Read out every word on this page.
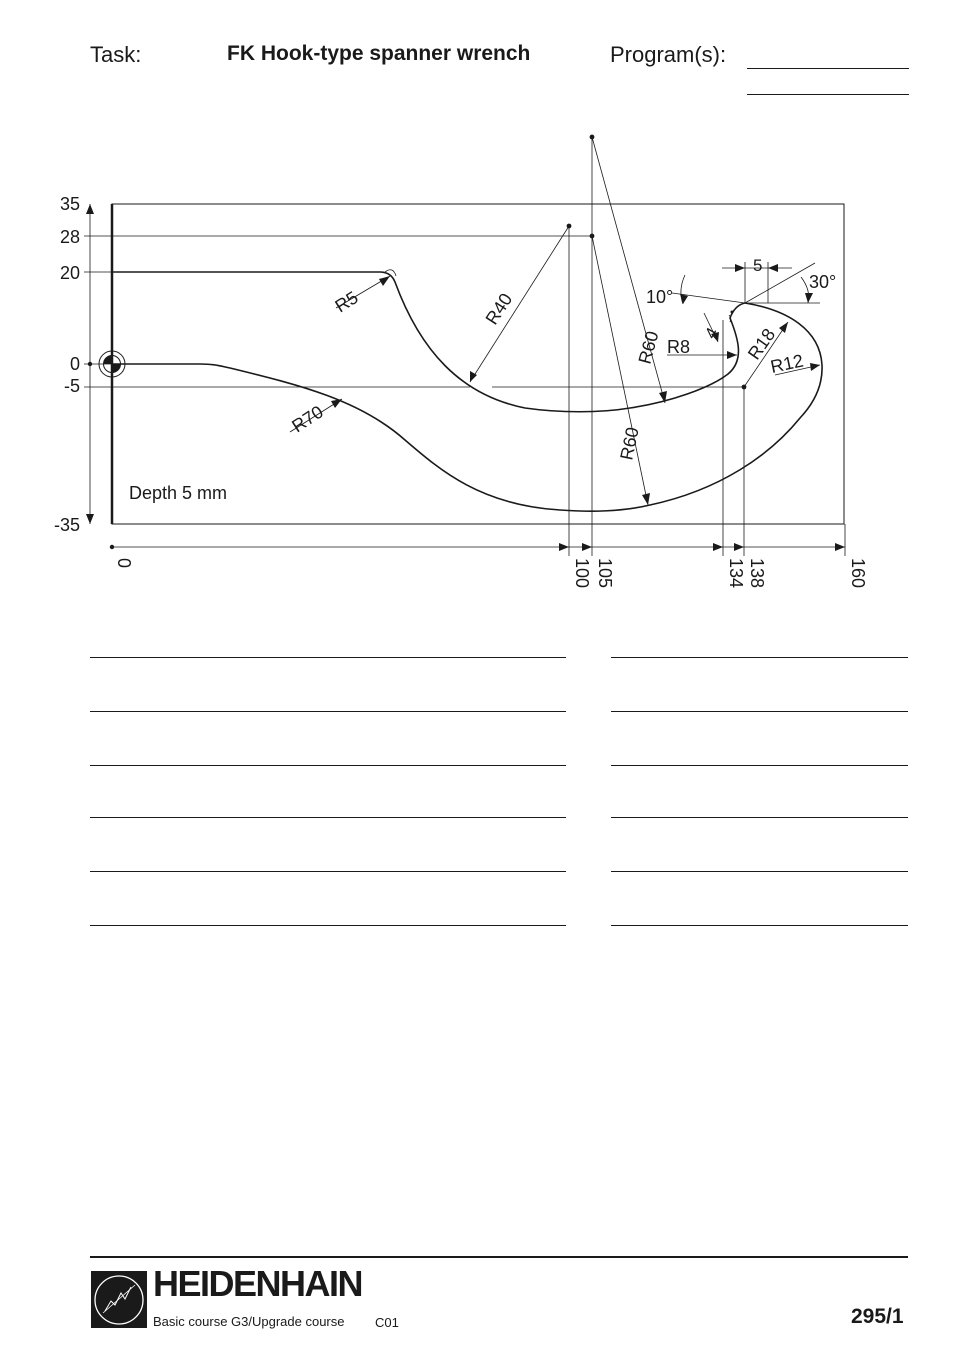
Task:	FK Hook-type spanner wrench	Program(s):
35
28
20
0
-5
-35
0	100 105	134 138	160
R5	R40
R60
R60
R70
R8	R18
R12
10°
30°
5
4
Depth 5 mm
HEIDENHAIN
Basic course G3/Upgrade course C01	295/1
